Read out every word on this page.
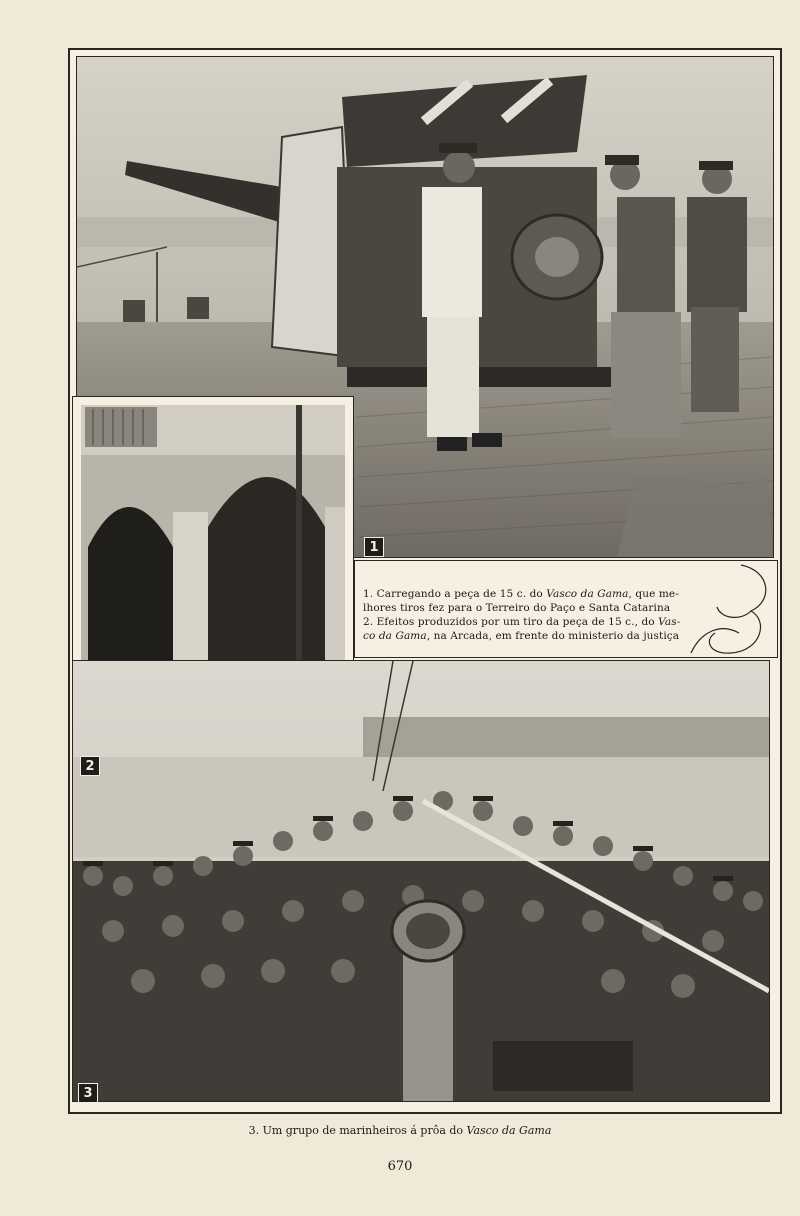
1
2
3
1. Carregando a peça de 15 c. do Vasco da Gama, que me-
lhores tiros fez para o Terreiro do Paço e Santa Catarina
2. Efeitos produzidos por um tiro da peça de 15 c., do Vas-
co da Gama, na Arcada, em frente do ministerio da justiça
3. Um grupo de marinheiros á prôa do Vasco da Gama
670
